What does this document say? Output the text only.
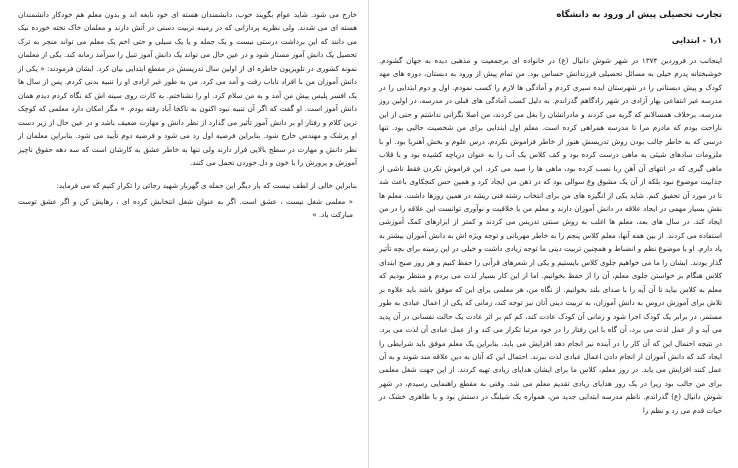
تجارب تحصیلی پیش از ورود به دانشگاه
۱٫۱ - ابتدایی

اینجانب در فروردین ۱۳۷۴ در شهر شوش دانیال (ع) در خانواده ای برجمعیت و مذهبی دیده به جهان گشودم. خوشبختانه پدرم خیلی به مسائل تحصیلی فرزندانش حساس بود. من تمام پیش از ورود به دبستان، دوره های مهد کودک و پیش دبستانی را در شهرستان ایده سیری کردم و آمادگی ها لازم را کسب نمودم. اول و دوم ابتدایی را در مدرسه غیر انتفاعی بهار آزادی در شهر زادگاهم گذراندم. به دلیل کسب آمادگی های قبلی در مدرسه، در اولین روز مدرسه، برخلاف همسالانم که گریه می کردند و مادرانشان را بغل می کردند، من اصلا نگرانی نداشتم و حتی از این ناراحت بودم که مادرم مرا تا مدرسه همراهی کرده است. معلم اول ابتدایی برای من شخصیت جالبی بود. تنها درسی که به خاطر جالب بودن روش تدریسش هنوز از خاطر فراموش نکردم، درس علوم و بخش آهنربا بود. او با ملزومات سادهای شیئی به ماهی درست کرده بود و کف کلاس یک آب را به عنوان دریاچه کشیده بود و با قلاب ماهی گیری که در انتهای آن آهن ربا نصب کرده بود، ماهی ها را صید می کرد. این فراموش نکردن فقط ناشی از جذابیت موضوع نبود بلکه از آن یک مشوق وغ سوالی بود که در ذهن من ایجاد کرد و همین حس کنجکاوی باعث شد تا در مورد آن تحقیق کنم. شاید یکی از انگیزه های من برای انتخاب رشته فنی ریشه در همین روزها داشت. معلم ها نقش بسیار مهمی در ایجاد علاقه در دانش آموزان دارند و معلم من با خلاقیت و نوآوری توانست این علاقه را در من ایجاد کند. در سال های بعد، معلم ها اغلب به روش سنتی تدریس می کردند و کمتر از ابزارهای کمک آموزشی استفاده می کردند. از بین همه آنها، معلم کلاس پنجم را به خاطر مهربانی و توجه ویژه اش به دانش آموزان بیشتر به یاد دارم. او با موضوع نظم و انضباط و همچنین تربیت دینی ما توجه زیادی داشت و خیلی در این زمینه برای بچه تأثیر گذار بودند. ایشان را ما می خواهیم جلوی کلاس بایستیم و یکی از شعرهای قرآنی را حفظ کنیم و هر روز صبح ابتدای کلاس هنگام بر خواستن جلوی معلم، آن را از حفظ بخوانیم. اما از این کار بسیار لذت می بردم و منتظر بودیم که معلم به کلاس بیاید تا آن آیه را با صدای بلند بخوانیم. از نگاه من، هر معلمی برای این که موفق باشد باید علاوه بر تلاش برای آموزش دروس به دانش آموزان، به تربیت دینی آنان نیز توجه کند، زمانی که یکی از اعمال عبادی به طور مستمر، در برابر یک کودک اجرا شود و زمانی آن کودک عادت کند، کم کم بر اثر عادت یک حالت نفسانی در آن پدید می آید و از عمل لذت می برد، آن گاه با این رفتار را در خود مرتبا تکرار می کند و از عمل عبادی آن لذت می برد. در نتیجه احتمال این که آن کار را در آینده نیز انجام دهد افزایش می یابد. بنابراین یک معلم موفق باید شرایطی را ایجاد کند که دانش آموزان از انجام دادن اعمال عبادی لذت ببرند. احتمال این که آنان به دین علاقه مند شوند و به آن عمل کنند افزایش می یابد. در روز معلم، کلاس ما برای ایشان هدایای زیادی تهیه کردند. از این جهت شغل معلمی برای من جالب بود زیرا در یک روز هدایای زیادی تقدیم معلم می شد. وقتی به مقطع راهنمایی رسیدم، در شهر شوش دانیال (ع) گذراندم. ناظم مدرسه ابتدایی جدید من، همواره یک شیلنگ در دستش بود و با ظاهری خشک در حیات قدم می زد و نظم را

خارج می شود. شاید عوام بگویند خوب، دانشمندان هسته ای خود نابغه اند و بدون معلم هم خودکار دانشمندان هسته ای می شدند. ولی نظریه پردازانی که در زمینه تربیت دستی در آتش دارند و معلمان خاک تخته خورده نیک می دانند که این برداشت درستی نیست و یک جمله و یا یک سیلی و حتی اخم یک معلم می تواند منجر به ترک تحصیل یک دانش آموز مستاز شود و در عین حال می تواند یک دانش آموز تنبل را سرآمد زمانه کند. یکی از معلمان نمونه کشوری در تلویزیون خاطره ای از اولین سال تدریسش در مقطع ابتدایی بیان کرد. ایشان فرمودند: « یکی از دانش آموزان من با افراد ناباب رفت و آمد می کرد. من به طور غیر ارادی او را تنبیه بدنی کردم. پس از سال ها یک افسر پلیس پیش من آمد و به من سلام کرد. او را نشناختم. به کارت روی سینه اش که نگاه کردم دیدم همان دانش آموز است. او گفت که اگر آن تنبیه نبود اکنون به ناکجا آباد رفته بودم. » مگر امکان دارد معلمی که کوچک ترین کلام و رفتار او بر دانش آموز تأثیر می گذارد از نظر دانش و مهارت ضعیف باشد و در عین حال از زیر دست او پزشک و مهندس خارج شود. بنابراین فرضیه اول رد می شود و فرضیه دوم تأیید می شود. بنابراین معلمان از نظر دانش و مهارت در سطح بالایی قرار دارند ولی تنها به خاطر عشق به کارشان است که سه دهه حقوق ناچیز آموزش و پرورش را با خون و دل خوردن تحمل می کنند.

بنابراین خالی از لطف نیست که بار دیگر این جمله ی گهربار شهید رجائی را تکرار کنیم که می فرماید:

« معلمی شغل نیست ، عشق است. اگر به عنوان شغل انتخابش کرده ای ، رهایش کن و اگر عشق توست مبارکت باد. »
